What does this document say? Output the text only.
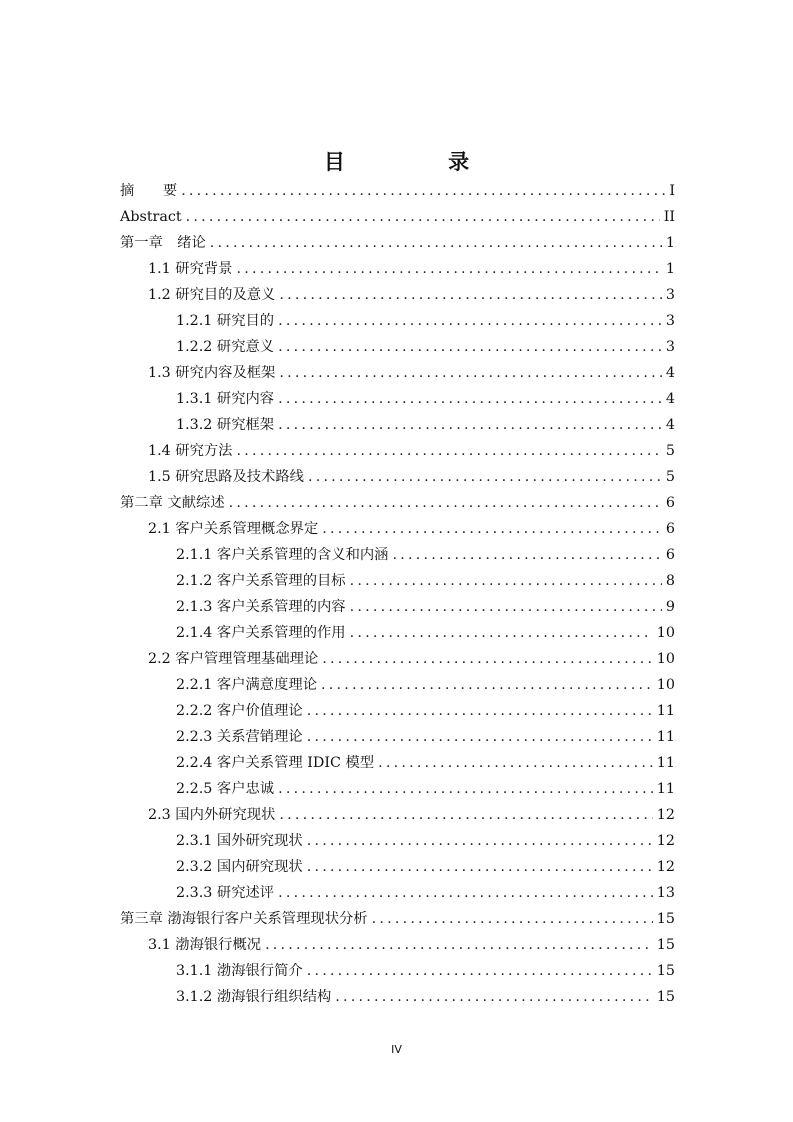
目 录
摘　　要 .....	I
Abstract .....	II
第一章　绪论 .....	1
1.1 研究背景 .....	1
1.2 研究目的及意义 .....	3
1.2.1 研究目的 .....	3
1.2.2 研究意义 .....	3
1.3 研究内容及框架 .....	4
1.3.1 研究内容 .....	4
1.3.2 研究框架 .....	4
1.4 研究方法 .....	5
1.5 研究思路及技术路线 .....	5
第二章 文献综述 .....	6
2.1 客户关系管理概念界定 .....	6
2.1.1 客户关系管理的含义和内涵 .....	6
2.1.2 客户关系管理的目标 .....	8
2.1.3 客户关系管理的内容 .....	9
2.1.4 客户关系管理的作用 .....	10
2.2 客户管理管理基础理论 .....	10
2.2.1 客户满意度理论 .....	10
2.2.2 客户价值理论 .....	11
2.2.3 关系营销理论 .....	11
2.2.4 客户关系管理 IDIC 模型 .....	11
2.2.5 客户忠诚 .....	11
2.3 国内外研究现状 .....	12
2.3.1 国外研究现状 .....	12
2.3.2 国内研究现状 .....	12
2.3.3 研究述评 .....	13
第三章 渤海银行客户关系管理现状分析 .....	15
3.1 渤海银行概况 .....	15
3.1.1 渤海银行简介 .....	15
3.1.2 渤海银行组织结构 .....	15
IV
